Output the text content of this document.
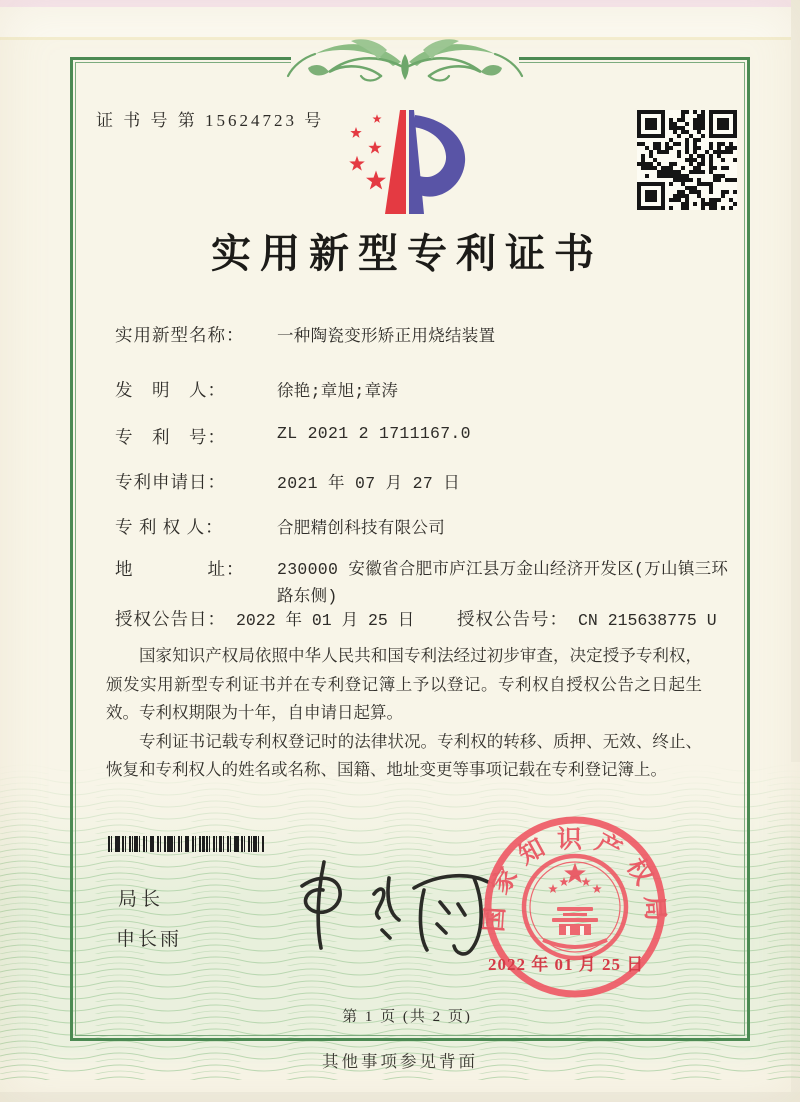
证 书 号 第 15624723 号
实用新型专利证书
实用新型名称： 一种陶瓷变形矫正用烧结装置
发　明　人：	徐艳;章旭;章涛
专　利　号：	ZL 2021 2 1711167.0
专利申请日：	2021 年 07 月 27 日
专 利 权 人：	合肥精创科技有限公司
地　　　　址： 230000 安徽省合肥市庐江县万金山经济开发区(万山镇三环路东侧)
授权公告日： 2022 年 01 月 25 日 授权公告号： CN 215638775 U

国家知识产权局依照中华人民共和国专利法经过初步审查，决定授予专利权，颁发实用新型专利证书并在专利登记簿上予以登记。专利权自授权公告之日起生效。专利权期限为十年，自申请日起算。

专利证书记载专利权登记时的法律状况。专利权的转移、质押、无效、终止、恢复和专利权人的姓名或名称、国籍、地址变更等事项记载在专利登记簿上。

局长
申长雨
国家知识产权局
2022 年 01 月 25 日
第 1 页 (共 2 页)
其他事项参见背面
